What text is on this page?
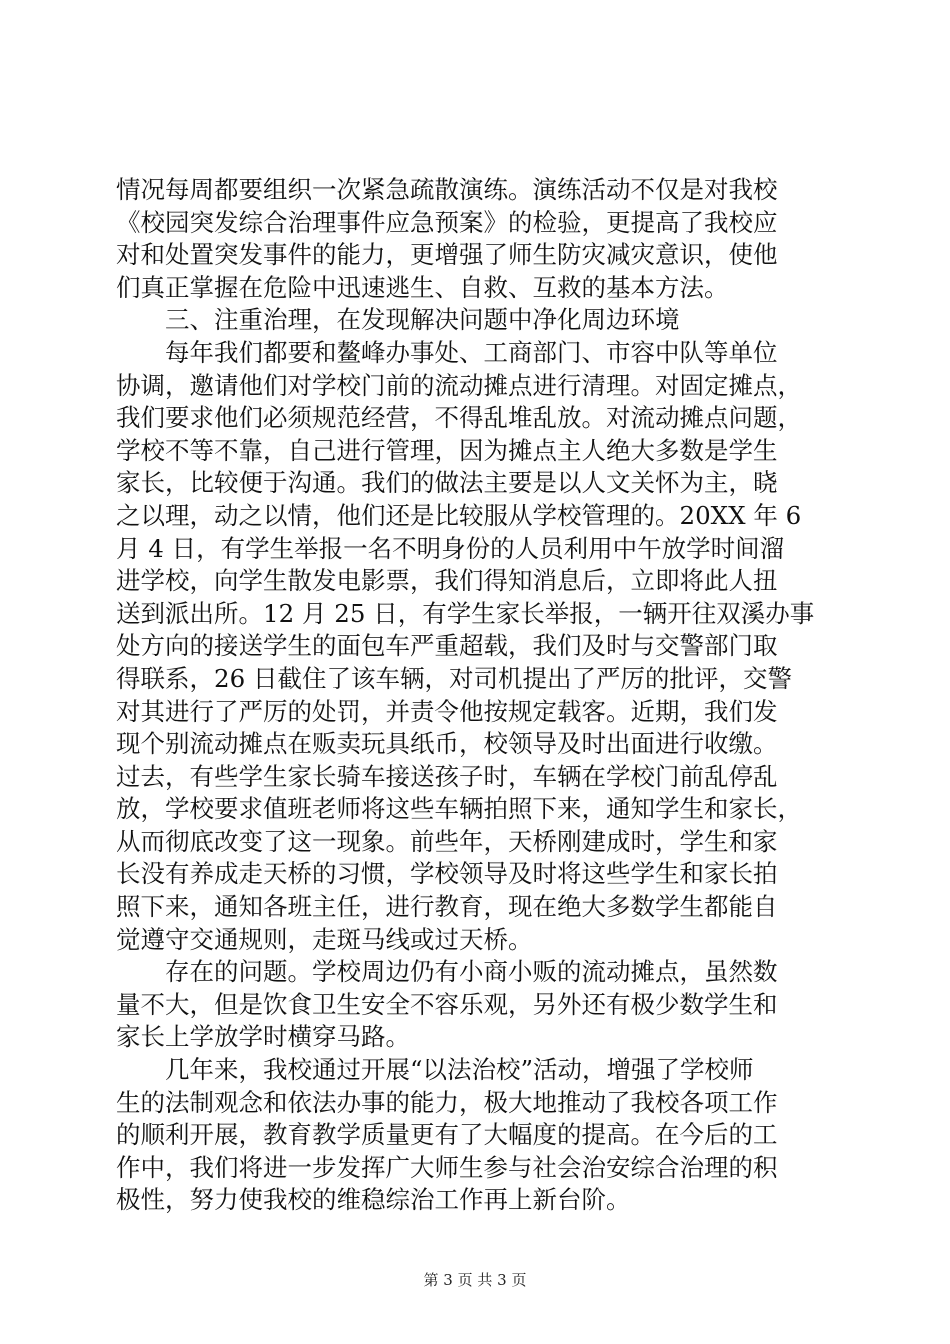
情况每周都要组织一次紧急疏散演练。演练活动不仅是对我校
《校园突发综合治理事件应急预案》的检验，更提高了我校应
对和处置突发事件的能力，更增强了师生防灾减灾意识，使他
们真正掌握在危险中迅速逃生、自救、互救的基本方法。

三、注重治理，在发现解决问题中净化周边环境

每年我们都要和鳌峰办事处、工商部门、市容中队等单位
协调，邀请他们对学校门前的流动摊点进行清理。对固定摊点，
我们要求他们必须规范经营，不得乱堆乱放。对流动摊点问题，
学校不等不靠，自己进行管理，因为摊点主人绝大多数是学生
家长，比较便于沟通。我们的做法主要是以人文关怀为主，晓
之以理，动之以情，他们还是比较服从学校管理的。20XX 年 6
月 4 日，有学生举报一名不明身份的人员利用中午放学时间溜
进学校，向学生散发电影票，我们得知消息后，立即将此人扭
送到派出所。12 月 25 日，有学生家长举报，一辆开往双溪办事
处方向的接送学生的面包车严重超载，我们及时与交警部门取
得联系，26 日截住了该车辆，对司机提出了严厉的批评，交警
对其进行了严厉的处罚，并责令他按规定载客。近期，我们发
现个别流动摊点在贩卖玩具纸币，校领导及时出面进行收缴。
过去，有些学生家长骑车接送孩子时，车辆在学校门前乱停乱
放，学校要求值班老师将这些车辆拍照下来，通知学生和家长，
从而彻底改变了这一现象。前些年，天桥刚建成时，学生和家
长没有养成走天桥的习惯，学校领导及时将这些学生和家长拍
照下来，通知各班主任，进行教育，现在绝大多数学生都能自
觉遵守交通规则，走斑马线或过天桥。

存在的问题。学校周边仍有小商小贩的流动摊点，虽然数
量不大，但是饮食卫生安全不容乐观，另外还有极少数学生和
家长上学放学时横穿马路。

几年来，我校通过开展“以法治校”活动，增强了学校师
生的法制观念和依法办事的能力，极大地推动了我校各项工作
的顺利开展，教育教学质量更有了大幅度的提高。在今后的工
作中，我们将进一步发挥广大师生参与社会治安综合治理的积
极性，努力使我校的维稳综治工作再上新台阶。

第 3 页 共 3 页
